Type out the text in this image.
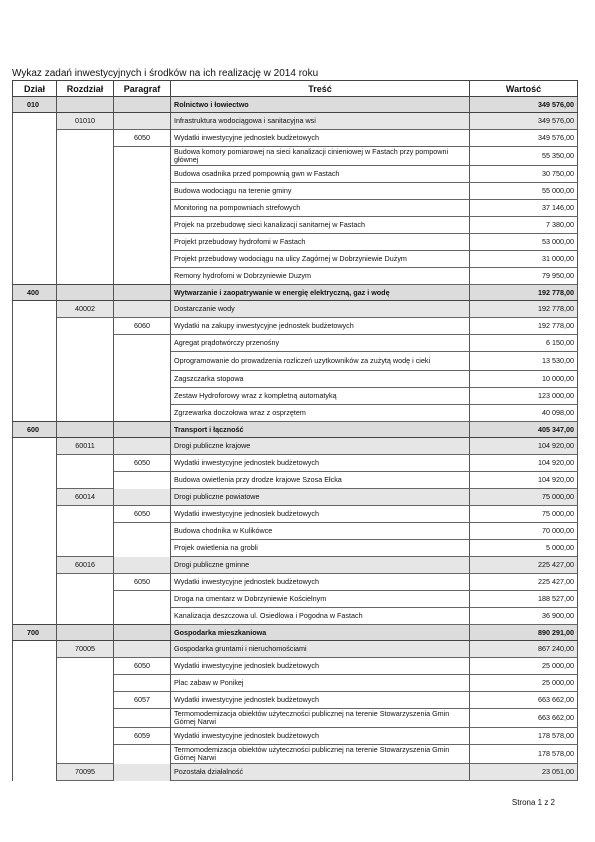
Wykaz zadań inwestycyjnych i środków na ich realizację w 2014 roku
Dział	Rozdział	Paragraf	Treść	Wartość
010			Rolnictwo i łowiectwo	349 576,00
	01010		Infrastruktura wodociągowa i sanitacyjna wsi	349 576,00
		6050	Wydatki inwestycyjne jednostek budżetowych	349 576,00
			Budowa komory pomiarowej na sieci kanalizacji cinieniowej w Fastach przy pompowni głównej	55 350,00
			Budowa osadnika przed pompownią gwn w Fastach	30 750,00
			Budowa wodociągu na terenie gminy	55 000,00
			Monitoring na pompowniach strefowych	37 146,00
			Projek na przebudowę sieci kanalizacji sanitarnej w Fastach	7 380,00
			Projekt przebudowy hydrofomi w Fastach	53 000,00
			Projekt przebudowy wodociągu na ulicy Zagórnej w Dobrzyniewie Dużym	31 000,00
			Remony hydrofomi w Dobrzyniewie Duzym	79 950,00
400			Wytwarzanie i zaopatrywanie w energię elektryczną, gaz i wodę	192 778,00
	40002		Dostarczanie wody	192 778,00
		6060	Wydatki na zakupy inwestycyjne jednostek budżetowych	192 778,00
			Agregat prądotwórczy przenośny	6 150,00
			Oprogramowanie do prowadzenia rozliczeń uzytkowników za zużytą wodę i cieki	13 530,00
			Zagszczarka stopowa	10 000,00
			Zestaw Hydroforowy wraz z kompletną automatyką	123 000,00
			Zgrzewarka doczołowa wraz z osprzętem	40 098,00
600			Transport i łączność	405 347,00
	60011		Drogi publiczne krajowe	104 920,00
		6050	Wydatki inwestycyjne jednostek budżetowych	104 920,00
			Budowa owietlenia przy drodze krajowe Szosa Ełcka	104 920,00
	60014		Drogi publiczne powiatowe	75 000,00
		6050	Wydatki inwestycyjne jednostek budżetowych	75 000,00
			Budowa chodnika w Kulikówce	70 000,00
			Projek owietlenia na grobli	5 000,00
	60016		Drogi publiczne gminne	225 427,00
		6050	Wydatki inwestycyjne jednostek budżetowych	225 427,00
			Droga na cmentarz w Dobrzyniewie Kościelnym	188 527,00
			Kanalizacja deszczowa ul. Osiedlowa i Pogodna w Fastach	36 900,00
700			Gospodarka mieszkaniowa	890 291,00
	70005		Gospodarka gruntami i nieruchomościami	867 240,00
		6050	Wydatki inwestycyjne jednostek budżetowych	25 000,00
			Plac zabaw w Ponikej	25 000,00
		6057	Wydatki inwestycyjne jednostek budżetowych	663 662,00
			Termomodemizacja obiektów użyteczności publicznej na terenie Stowarzyszenia Gmin Górnej Narwi	663 662,00
		6059	Wydatki inwestycyjne jednostek budżetowych	178 578,00
			Termomodemizacja obiektów użyteczności publicznej na terenie Stowarzyszenia Gmin Górnej Narwi	178 578,00
	70095		Pozostała działalność	23 051,00
Strona 1 z 2
